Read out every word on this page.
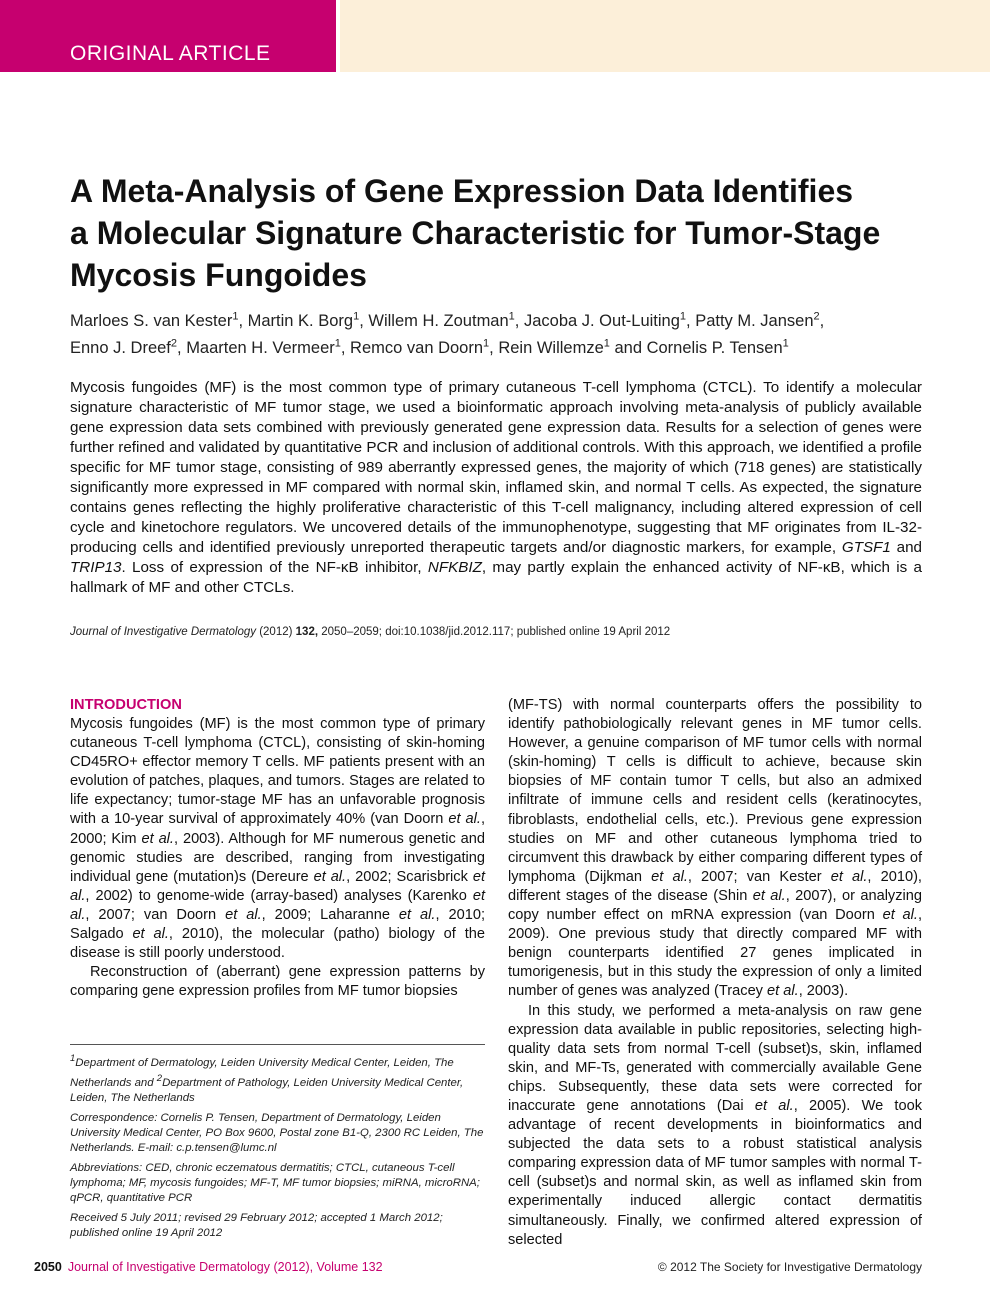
ORIGINAL ARTICLE
A Meta-Analysis of Gene Expression Data Identifies
a Molecular Signature Characteristic for Tumor-Stage
Mycosis Fungoides
Marloes S. van Kester$^1$, Martin K. Borg$^1$, Willem H. Zoutman$^1$, Jacoba J. Out-Luiting$^1$, Patty M. Jansen$^2$,
Enno J. Dreef$^2$, Maarten H. Vermeer$^1$, Remco van Doorn$^1$, Rein Willemze$^1$ and Cornelis P. Tensen$^1$

Mycosis fungoides (MF) is the most common type of primary cutaneous T-cell lymphoma (CTCL). To identify a molecular signature characteristic of MF tumor stage, we used a bioinformatic approach involving meta-analysis of publicly available gene expression data sets combined with previously generated gene expression data. Results for a selection of genes were further refined and validated by quantitative PCR and inclusion of additional controls. With this approach, we identified a profile specific for MF tumor stage, consisting of 989 aberrantly expressed genes, the majority of which (718 genes) are statistically significantly more expressed in MF compared with normal skin, inflamed skin, and normal T cells. As expected, the signature contains genes reflecting the highly proliferative characteristic of this T-cell malignancy, including altered expression of cell cycle and kinetochore regulators. We uncovered details of the immunophenotype, suggesting that MF originates from IL-32-producing cells and identified previously unreported therapeutic targets and/or diagnostic markers, for example, GTSF1 and TRIP13. Loss of expression of the NF-κB inhibitor, NFKBIZ, may partly explain the enhanced activity of NF-κB, which is a hallmark of MF and other CTCLs.

Journal of Investigative Dermatology (2012) 132, 2050–2059; doi:10.1038/jid.2012.117; published online 19 April 2012

INTRODUCTION

Mycosis fungoides (MF) is the most common type of primary cutaneous T-cell lymphoma (CTCL), consisting of skin-homing CD45RO+ effector memory T cells. MF patients present with an evolution of patches, plaques, and tumors. Stages are related to life expectancy; tumor-stage MF has an unfavorable prognosis with a 10-year survival of approximately 40% (van Doorn et al., 2000; Kim et al., 2003). Although for MF numerous genetic and genomic studies are described, ranging from investigating individual gene (mutation)s (Dereure et al., 2002; Scarisbrick et al., 2002) to genome-wide (array-based) analyses (Karenko et al., 2007; van Doorn et al., 2009; Laharanne et al., 2010; Salgado et al., 2010), the molecular (patho) biology of the disease is still poorly understood.

Reconstruction of (aberrant) gene expression patterns by comparing gene expression profiles from MF tumor biopsies

(MF-TS) with normal counterparts offers the possibility to identify pathobiologically relevant genes in MF tumor cells. However, a genuine comparison of MF tumor cells with normal (skin-homing) T cells is difficult to achieve, because skin biopsies of MF contain tumor T cells, but also an admixed infiltrate of immune cells and resident cells (keratinocytes, fibroblasts, endothelial cells, etc.). Previous gene expression studies on MF and other cutaneous lymphoma tried to circumvent this drawback by either comparing different types of lymphoma (Dijkman et al., 2007; van Kester et al., 2010), different stages of the disease (Shin et al., 2007), or analyzing copy number effect on mRNA expression (van Doorn et al., 2009). One previous study that directly compared MF with benign counterparts identified 27 genes implicated in tumorigenesis, but in this study the expression of only a limited number of genes was analyzed (Tracey et al., 2003).

In this study, we performed a meta-analysis on raw gene expression data available in public repositories, selecting high-quality data sets from normal T-cell (subset)s, skin, inflamed skin, and MF-Ts, generated with commercially available Gene chips. Subsequently, these data sets were corrected for inaccurate gene annotations (Dai et al., 2005). We took advantage of recent developments in bioinformatics and subjected the data sets to a robust statistical analysis comparing expression data of MF tumor samples with normal T-cell (subset)s and normal skin, as well as inflamed skin from experimentally induced allergic contact dermatitis simultaneously. Finally, we confirmed altered expression of selected

$^1$Department of Dermatology, Leiden University Medical Center, Leiden, The Netherlands and $^2$Department of Pathology, Leiden University Medical Center, Leiden, The Netherlands

Correspondence: Cornelis P. Tensen, Department of Dermatology, Leiden University Medical Center, PO Box 9600, Postal zone B1-Q, 2300 RC Leiden, The Netherlands. E-mail: c.p.tensen@lumc.nl

Abbreviations: CED, chronic eczematous dermatitis; CTCL, cutaneous T-cell lymphoma; MF, mycosis fungoides; MF-T, MF tumor biopsies; miRNA, microRNA; qPCR, quantitative PCR

Received 5 July 2011; revised 29 February 2012; accepted 1 March 2012; published online 19 April 2012

2050 Journal of Investigative Dermatology (2012), Volume 132	© 2012 The Society for Investigative Dermatology
